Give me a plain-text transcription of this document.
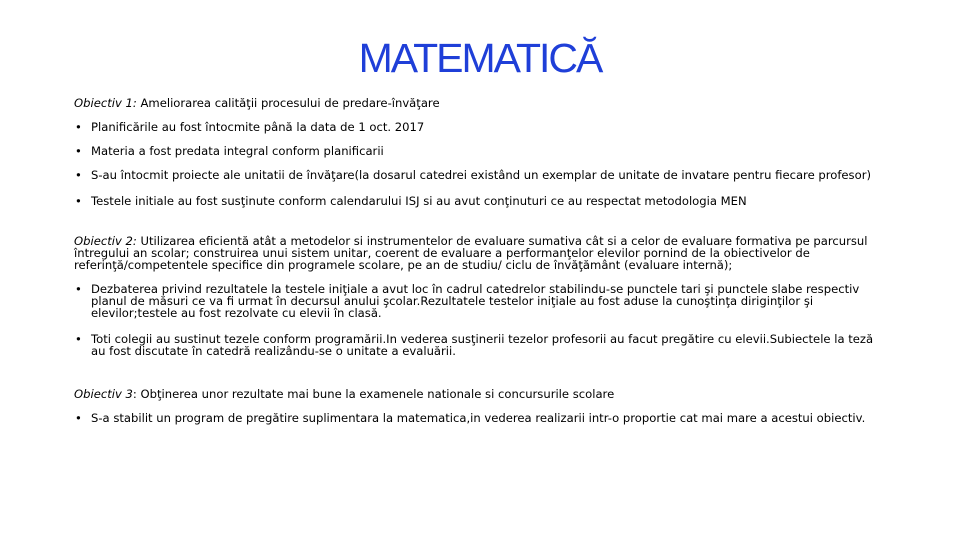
MATEMATICĂ

Obiectiv 1: Ameliorarea calităţii procesului de predare-învăţare

• Planificările au fost întocmite până la data de 1 oct. 2017
• Materia a fost predata integral conform planificarii
• S-au întocmit proiecte ale unitatii de învăţare(la dosarul catedrei existând un exemplar de unitate de invatare pentru fiecare profesor)
• Testele initiale au fost susţinute conform calendarului ISJ si au avut conţinuturi ce au respectat metodologia MEN

Obiectiv 2: Utilizarea eficientă atât a metodelor si instrumentelor de evaluare sumativa cât si a celor de evaluare formativa pe parcursul întregului an scolar; construirea unui sistem unitar, coerent de evaluare a performanţelor elevilor pornind de la obiectivelor de referinţă/competentele specifice din programele scolare, pe an de studiu/ ciclu de învăţământ (evaluare internă);

• Dezbaterea privind rezultatele la testele iniţiale a avut loc în cadrul catedrelor stabilindu-se punctele tari şi punctele slabe respectiv planul de măsuri ce va fi urmat în decursul anului şcolar.Rezultatele testelor iniţiale au fost aduse la cunoştinţa diriginţilor şi elevilor;testele au fost rezolvate cu elevii în clasă.
• Toti colegii au sustinut tezele conform programării.In vederea susţinerii tezelor profesorii au facut pregătire cu elevii.Subiectele la teză au fost discutate în catedră realizându-se o unitate a evaluării.

Obiectiv 3: Obţinerea unor rezultate mai bune la examenele nationale si concursurile scolare

• S-a stabilit un program de pregătire suplimentara la matematica,in vederea realizarii intr-o proportie cat mai mare a acestui obiectiv.
